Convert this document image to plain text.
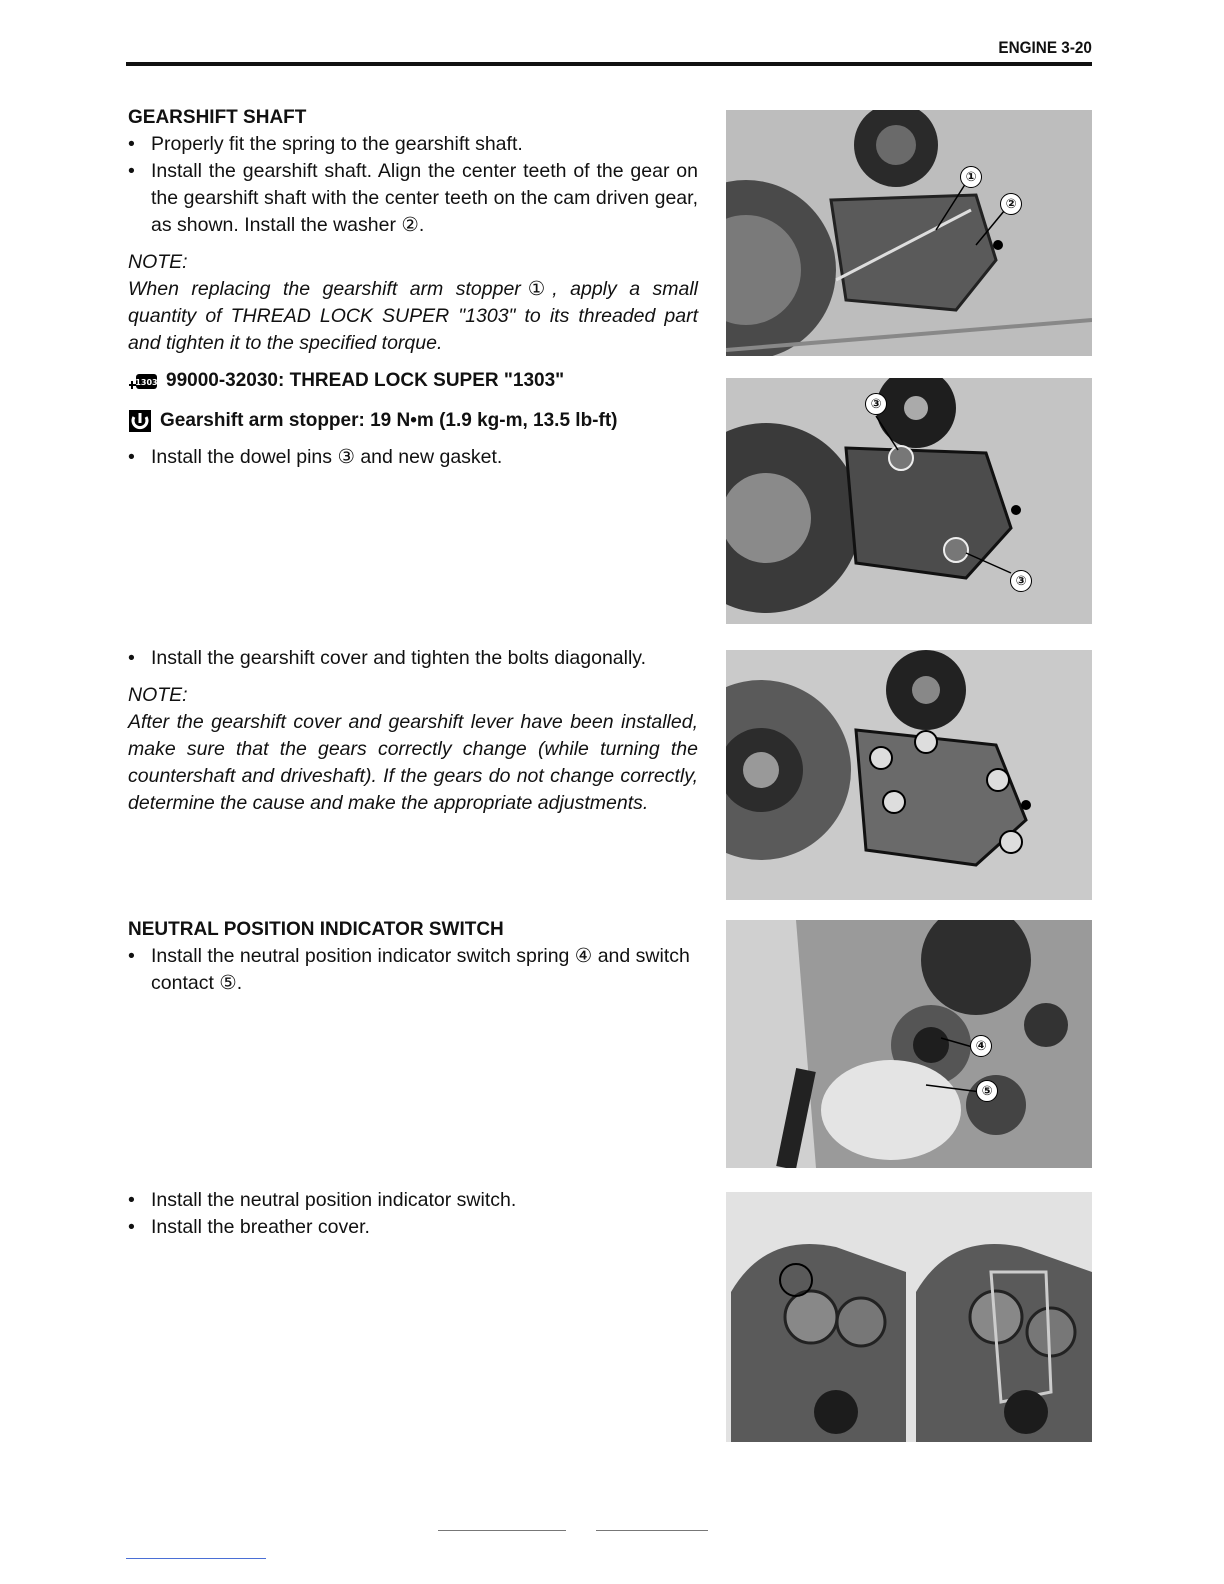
ENGINE 3-20
GEARSHIFT SHAFT
• Properly fit the spring to the gearshift shaft.
• Install the gearshift shaft. Align the center teeth of the gear on the gearshift shaft with the center teeth on the cam driven gear, as shown. Install the washer ②.
NOTE:
When replacing the gearshift arm stopper①, apply a small quantity of THREAD LOCK SUPER "1303" to its threaded part and tighten it to the specified torque.
1303 99000-32030: THREAD LOCK SUPER "1303"
Gearshift arm stopper: 19 N•m (1.9 kg-m, 13.5 lb-ft)
• Install the dowel pins ③ and new gasket.
• Install the gearshift cover and tighten the bolts diagonally.
NOTE:
After the gearshift cover and gearshift lever have been installed, make sure that the gears correctly change (while turning the countershaft and driveshaft). If the gears do not change correctly, determine the cause and make the appropriate adjustments.
NEUTRAL POSITION INDICATOR SWITCH
• Install the neutral position indicator switch spring ④ and switch contact ⑤.
• Install the neutral position indicator switch.
• Install the breather cover.
①
②
③
③
④
⑤
